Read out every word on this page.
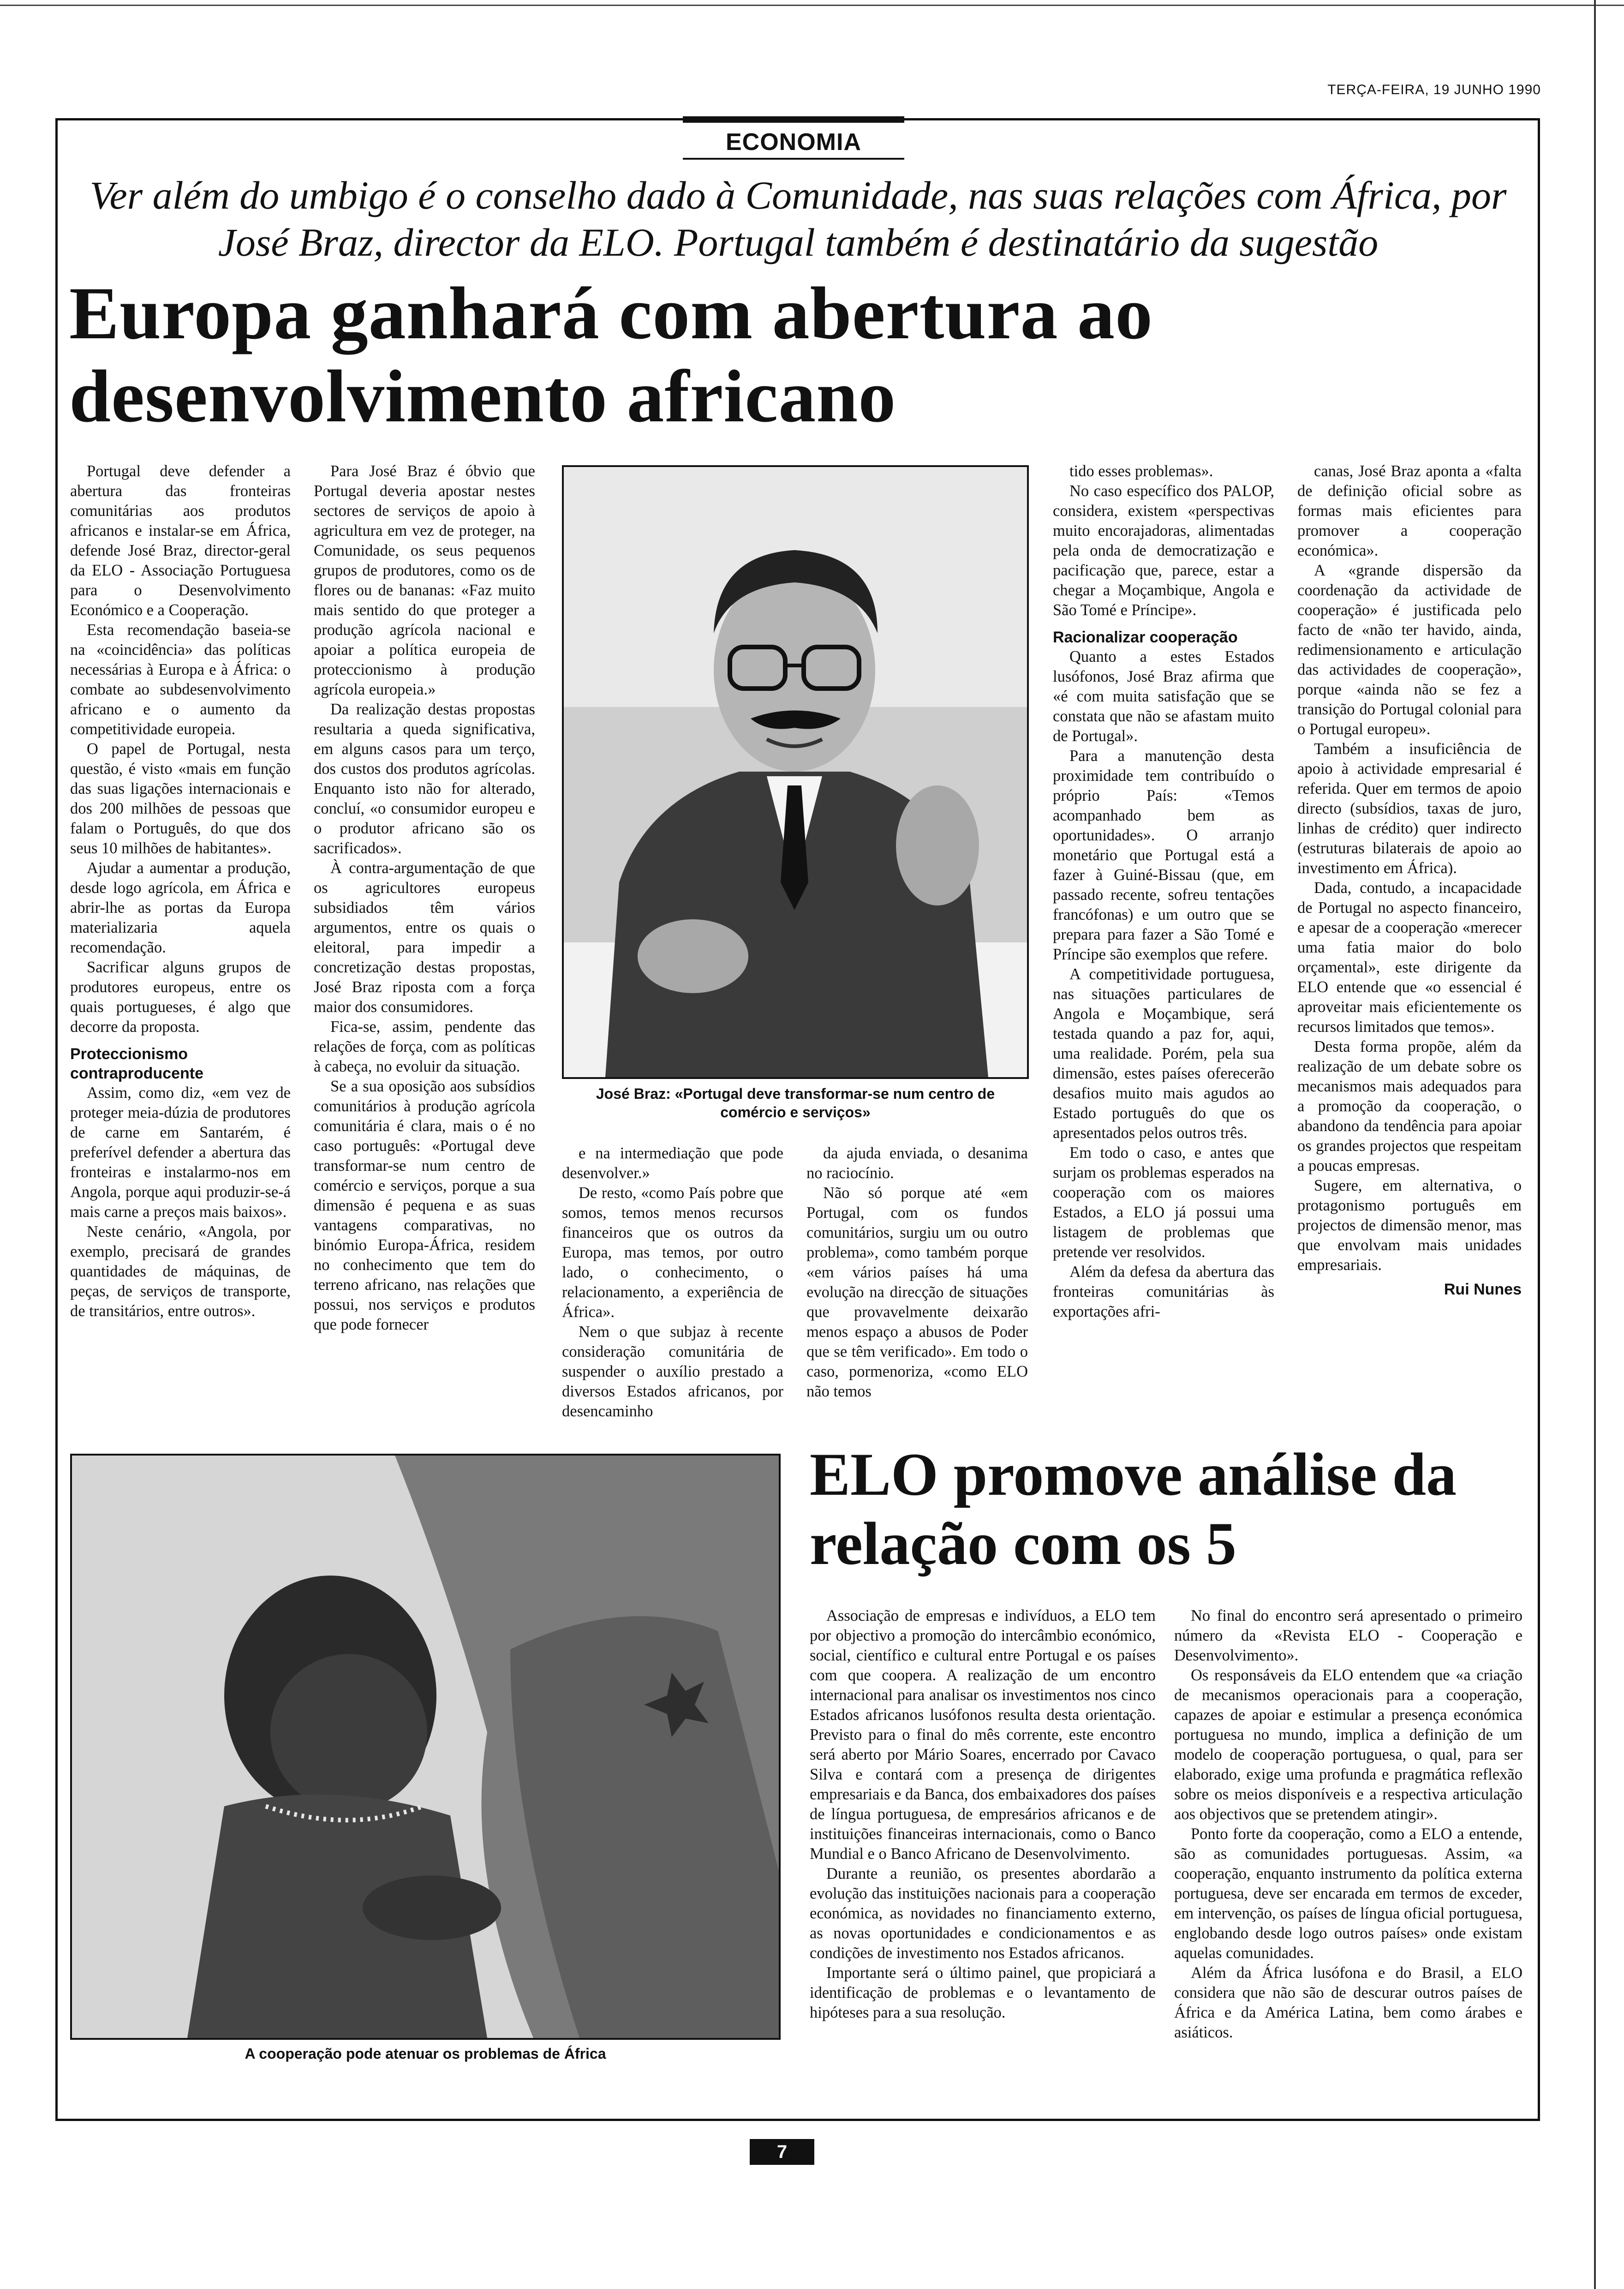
TERÇA-FEIRA, 19 JUNHO 1990
ECONOMIA
Ver além do umbigo é o conselho dado à Comunidade, nas suas relações com África, por José Braz, director da ELO. Portugal também é destinatário da sugestão
Europa ganhará com abertura ao desenvolvimento africano

Portugal deve defender a abertura das fronteiras comunitárias aos produtos africanos e instalar-se em África, defende José Braz, director-geral da ELO - Associação Portuguesa para o Desenvolvimento Económico e a Cooperação.

Esta recomendação baseia-se na «coincidência» das políticas necessárias à Europa e à África: o combate ao subdesenvolvimento africano e o aumento da competitividade europeia.

O papel de Portugal, nesta questão, é visto «mais em função das suas ligações internacionais e dos 200 milhões de pessoas que falam o Português, do que dos seus 10 milhões de habitantes».

Ajudar a aumentar a produção, desde logo agrícola, em África e abrir-lhe as portas da Europa materializaria aquela recomendação.

Sacrificar alguns grupos de produtores europeus, entre os quais portugueses, é algo que decorre da proposta.

Proteccionismo contraproducente

Assim, como diz, «em vez de proteger meia-dúzia de produtores de carne em Santarém, é preferível defender a abertura das fronteiras e instalarmo-nos em Angola, porque aqui produzir-se-á mais carne a preços mais baixos».

Neste cenário, «Angola, por exemplo, precisará de grandes quantidades de máquinas, de peças, de serviços de transporte, de transitários, entre outros».

Para José Braz é óbvio que Portugal deveria apostar nestes sectores de serviços de apoio à agricultura em vez de proteger, na Comunidade, os seus pequenos grupos de produtores, como os de flores ou de bananas: «Faz muito mais sentido do que proteger a produção agrícola nacional e apoiar a política europeia de proteccionismo à produção agrícola europeia.»

Da realização destas propostas resultaria a queda significativa, em alguns casos para um terço, dos custos dos produtos agrícolas. Enquanto isto não for alterado, concluí, «o consumidor europeu e o produtor africano são os sacrificados».

À contra-argumentação de que os agricultores europeus subsidiados têm vários argumentos, entre os quais o eleitoral, para impedir a concretização destas propostas, José Braz riposta com a força maior dos consumidores.

Fica-se, assim, pendente das relações de força, com as políticas à cabeça, no evoluir da situação.

Se a sua oposição aos subsídios comunitários à produção agrícola comunitária é clara, mais o é no caso português: «Portugal deve transformar-se num centro de comércio e serviços, porque a sua dimensão é pequena e as suas vantagens comparativas, no binómio Europa-África, residem no conhecimento que tem do terreno africano, nas relações que possui, nos serviços e produtos que pode fornecer

José Braz: «Portugal deve transformar-se num centro de comércio e serviços»

e na intermediação que pode desenvolver.»

De resto, «como País pobre que somos, temos menos recursos financeiros que os outros da Europa, mas temos, por outro lado, o conhecimento, o relacionamento, a experiência de África».

Nem o que subjaz à recente consideração comunitária de suspender o auxílio prestado a diversos Estados africanos, por desencaminho

da ajuda enviada, o desanima no raciocínio.

Não só porque até «em Portugal, com os fundos comunitários, surgiu um ou outro problema», como também porque «em vários países há uma evolução na direcção de situações que provavelmente deixarão menos espaço a abusos de Poder que se têm verificado». Em todo o caso, pormenoriza, «como ELO não temos

tido esses problemas».

No caso específico dos PALOP, considera, existem «perspectivas muito encorajadoras, alimentadas pela onda de democratização e pacificação que, parece, estar a chegar a Moçambique, Angola e São Tomé e Príncipe».

Racionalizar cooperação

Quanto a estes Estados lusófonos, José Braz afirma que «é com muita satisfação que se constata que não se afastam muito de Portugal».

Para a manutenção desta proximidade tem contribuído o próprio País: «Temos acompanhado bem as oportunidades». O arranjo monetário que Portugal está a fazer à Guiné-Bissau (que, em passado recente, sofreu tentações francófonas) e um outro que se prepara para fazer a São Tomé e Príncipe são exemplos que refere.

A competitividade portuguesa, nas situações particulares de Angola e Moçambique, será testada quando a paz for, aqui, uma realidade. Porém, pela sua dimensão, estes países oferecerão desafios muito mais agudos ao Estado português do que os apresentados pelos outros três.

Em todo o caso, e antes que surjam os problemas esperados na cooperação com os maiores Estados, a ELO já possui uma listagem de problemas que pretende ver resolvidos.

Além da defesa da abertura das fronteiras comunitárias às exportações afri-

canas, José Braz aponta a «falta de definição oficial sobre as formas mais eficientes para promover a cooperação económica».

A «grande dispersão da coordenação da actividade de cooperação» é justificada pelo facto de «não ter havido, ainda, redimensionamento e articulação das actividades de cooperação», porque «ainda não se fez a transição do Portugal colonial para o Portugal europeu».

Também a insuficiência de apoio à actividade empresarial é referida. Quer em termos de apoio directo (subsídios, taxas de juro, linhas de crédito) quer indirecto (estruturas bilaterais de apoio ao investimento em África).

Dada, contudo, a incapacidade de Portugal no aspecto financeiro, e apesar de a cooperação «merecer uma fatia maior do bolo orçamental», este dirigente da ELO entende que «o essencial é aproveitar mais eficientemente os recursos limitados que temos».

Desta forma propõe, além da realização de um debate sobre os mecanismos mais adequados para a promoção da cooperação, o abandono da tendência para apoiar os grandes projectos que respeitam a poucas empresas.

Sugere, em alternativa, o protagonismo português em projectos de dimensão menor, mas que envolvam mais unidades empresariais.

Rui Nunes
A cooperação pode atenuar os problemas de África
ELO promove análise da relação com os 5

Associação de empresas e indivíduos, a ELO tem por objectivo a promoção do intercâmbio económico, social, científico e cultural entre Portugal e os países com que coopera. A realização de um encontro internacional para analisar os investimentos nos cinco Estados africanos lusófonos resulta desta orientação. Previsto para o final do mês corrente, este encontro será aberto por Mário Soares, encerrado por Cavaco Silva e contará com a presença de dirigentes empresariais e da Banca, dos embaixadores dos países de língua portuguesa, de empresários africanos e de instituições financeiras internacionais, como o Banco Mundial e o Banco Africano de Desenvolvimento.

Durante a reunião, os presentes abordarão a evolução das instituições nacionais para a cooperação económica, as novidades no financiamento externo, as novas oportunidades e condicionamentos e as condições de investimento nos Estados africanos.

Importante será o último painel, que propiciará a identificação de problemas e o levantamento de hipóteses para a sua resolução.

No final do encontro será apresentado o primeiro número da «Revista ELO - Cooperação e Desenvolvimento».

Os responsáveis da ELO entendem que «a criação de mecanismos operacionais para a cooperação, capazes de apoiar e estimular a presença económica portuguesa no mundo, implica a definição de um modelo de cooperação portuguesa, o qual, para ser elaborado, exige uma profunda e pragmática reflexão sobre os meios disponíveis e a respectiva articulação aos objectivos que se pretendem atingir».

Ponto forte da cooperação, como a ELO a entende, são as comunidades portuguesas. Assim, «a cooperação, enquanto instrumento da política externa portuguesa, deve ser encarada em termos de exceder, em intervenção, os países de língua oficial portuguesa, englobando desde logo outros países» onde existam aquelas comunidades.

Além da África lusófona e do Brasil, a ELO considera que não são de descurar outros países de África e da América Latina, bem como árabes e asiáticos.

7
